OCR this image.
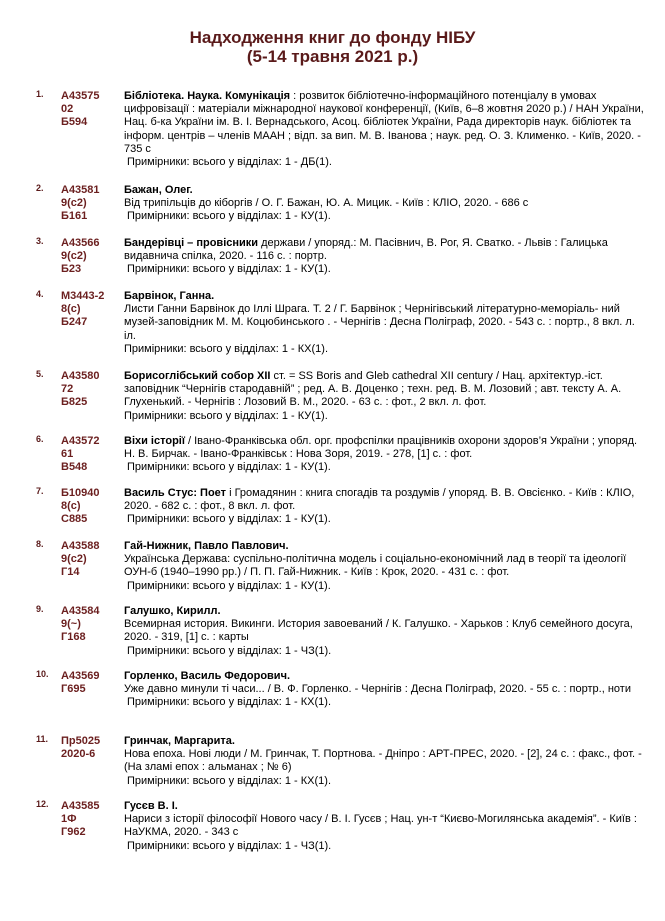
Надходження книг до фонду НІБУ
(5-14 травня 2021 р.)
1. А43575
02
Б594

Бібліотека. Наука. Комунікація : розвиток бібліотечно-інформаційного потенціалу в умовах цифровізації : матеріали міжнародної наукової конференції, (Київ, 6–8 жовтня 2020 р.) / НАН України, Нац. б-ка України ім. В. І. Вернадського, Асоц. бібліотек України, Рада директорів наук. бібліотек та інформ. центрів – членів МААН ; відп. за вип. М. В. Іванова ; наук. ред. О. З. Клименко. - Київ, 2020. - 735 с

Примірники: всього у відділах: 1 - ДБ(1).

2. А43581
9(с2)
Б161

Бажан, Олег.

Від трипільців до кіборгів / О. Г. Бажан, Ю. А. Мицик. - Київ : КЛІО, 2020. - 686 с

Примірники: всього у відділах: 1 - КУ(1).

3. А43566
9(с2)
Б23

Бандерівці – провісники держави / упоряд.: М. Пасівнич, В. Рог, Я. Сватко. - Львів : Галицька видавнича спілка, 2020. - 116 с. : портр.

Примірники: всього у відділах: 1 - КУ(1).

4. М3443-2
8(с)
Б247

Барвінок, Ганна.

Листи Ганни Барвінок до Іллі Шрага. Т. 2 / Г. Барвінок ; Чернігівський літературно-меморіаль- ний музей-заповідник М. М. Коцюбинського . - Чернігів : Десна Поліграф, 2020. - 543 с. : портр., 8 вкл. л. іл.

Примірники: всього у відділах: 1 - КХ(1).

5. А43580
72
Б825

Борисоглібський собор XII ст. = SS Boris and Gleb cathedral XII century / Нац. архітектур.-іст. заповідник “Чернігів стародавній” ; ред. А. В. Доценко ; техн. ред. В. М. Лозовий ; авт. тексту А. А. Глухенький. - Чернігів : Лозовий В. М., 2020. - 63 с. : фот., 2 вкл. л. фот.

Примірники: всього у відділах: 1 - КУ(1).

6. А43572
61
В548

Віхи історії / Івано-Франківська обл. орг. профспілки працівників охорони здоров’я України ; упоряд. Н. В. Бирчак. - Івано-Франківськ : Нова Зоря, 2019. - 278, [1] с. : фот.

Примірники: всього у відділах: 1 - КУ(1).

7. Б10940
8(с)
С885

Василь Стус: Поет і Громадянин : книга спогадів та роздумів / упоряд. В. В. Овсієнко. - Київ : КЛІО, 2020. - 682 с. : фот., 8 вкл. л. фот.

Примірники: всього у відділах: 1 - КУ(1).

8. А43588
9(с2)
Г14

Гай-Нижник, Павло Павлович.

Українська Держава: суспільно-політична модель і соціально-економічний лад в теорії та ідеології ОУН-б (1940–1990 рр.) / П. П. Гай-Нижник. - Київ : Крок, 2020. - 431 с. : фот.

Примірники: всього у відділах: 1 - КУ(1).

9. А43584
9(~)
Г168

Галушко, Кирилл.

Всемирная история. Викинги. История завоеваний / К. Галушко. - Харьков : Клуб семейного досуга, 2020. - 319, [1] с. : карты

Примірники: всього у відділах: 1 - ЧЗ(1).

10. А43569
Г695

Горленко, Василь Федорович.

Уже давно минули ті часи... / В. Ф. Горленко. - Чернігів : Десна Поліграф, 2020. - 55 с. : портр., ноти

Примірники: всього у відділах: 1 - КХ(1).

11. Пр5025
2020-6

Гринчак, Маргарита.

Нова епоха. Нові люди / М. Гринчак, Т. Портнова. - Дніпро : АРТ-ПРЕС, 2020. - [2], 24 с. : факс., фот. - (На зламі епох : альманах ; № 6)

Примірники: всього у відділах: 1 - КХ(1).

12. А43585
1Ф
Г962

Гусєв В. І.

Нариси з історії філософії Нового часу / В. І. Гусєв ; Нац. ун-т “Києво-Могилянська академія”. - Київ : НаУКМА, 2020. - 343 с

Примірники: всього у відділах: 1 - ЧЗ(1).
